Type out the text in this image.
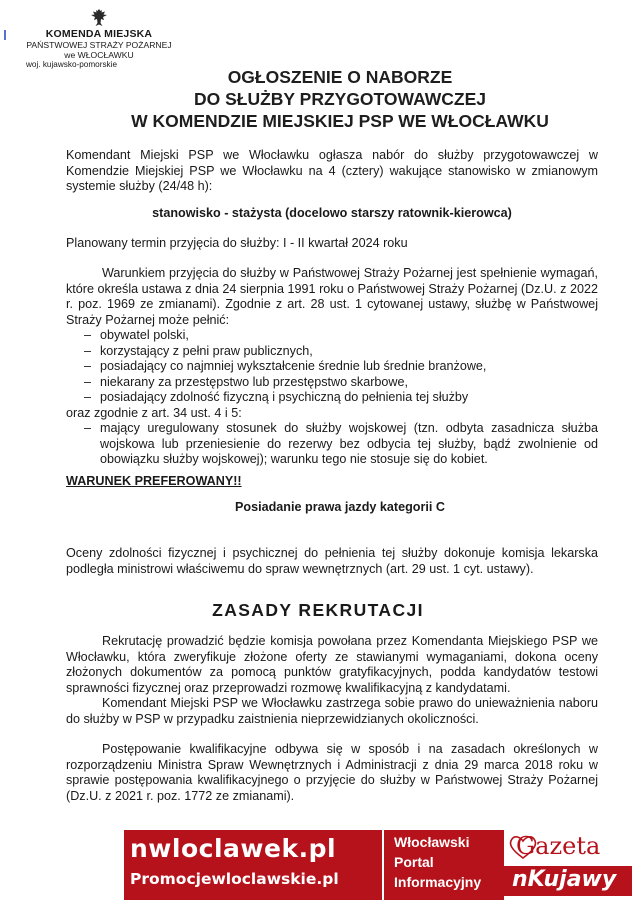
KOMENDA MIEJSKA
PAŃSTWOWEJ STRAŻY POŻARNEJ
we WŁOCŁAWKU
woj. kujawsko-pomorskie
OGŁOSZENIE O NABORZE
DO SŁUŻBY PRZYGOTOWAWCZEJ
W KOMENDZIE MIEJSKIEJ PSP WE WŁOCŁAWKU
Komendant Miejski PSP we Włocławku ogłasza nabór do służby przygotowawczej w Komendzie Miejskiej PSP we Włocławku na 4 (cztery) wakujące stanowisko w zmianowym systemie służby (24/48 h):
stanowisko - stażysta (docelowo starszy ratownik-kierowca)
Planowany termin przyjęcia do służby: I - II kwartał 2024 roku
Warunkiem przyjęcia do służby w Państwowej Straży Pożarnej jest spełnienie wymagań, które określa ustawa z dnia 24 sierpnia 1991 roku o Państwowej Straży Pożarnej (Dz.U. z 2022 r. poz. 1969 ze zmianami). Zgodnie z art. 28 ust. 1 cytowanej ustawy, służbę w Państwowej Straży Pożarnej może pełnić:
– obywatel polski,
– korzystający z pełni praw publicznych,
– posiadający co najmniej wykształcenie średnie lub średnie branżowe,
– niekarany za przestępstwo lub przestępstwo skarbowe,
– posiadający zdolność fizyczną i psychiczną do pełnienia tej służby
oraz zgodnie z art. 34 ust. 4 i 5:
– mający uregulowany stosunek do służby wojskowej (tzn. odbyta zasadnicza służba wojskowa lub przeniesienie do rezerwy bez odbycia tej służby, bądź zwolnienie od obowiązku służby wojskowej); warunku tego nie stosuje się do kobiet.
WARUNEK PREFEROWANY!!
Posiadanie prawa jazdy kategorii C
Oceny zdolności fizycznej i psychicznej do pełnienia tej służby dokonuje komisja lekarska podległa ministrowi właściwemu do spraw wewnętrznych (art. 29 ust. 1 cyt. ustawy).
ZASADY REKRUTACJI
Rekrutację prowadzić będzie komisja powołana przez Komendanta Miejskiego PSP we Włocławku, która zweryfikuje złożone oferty ze stawianymi wymaganiami, dokona oceny złożonych dokumentów za pomocą punktów gratyfikacyjnych, podda kandydatów testowi sprawności fizycznej oraz przeprowadzi rozmowę kwalifikacyjną z kandydatami.
Komendant Miejski PSP we Włocławku zastrzega sobie prawo do unieważnienia naboru do służby w PSP w przypadku zaistnienia nieprzewidzianych okoliczności.
Postępowanie kwalifikacyjne odbywa się w sposób i na zasadach określonych w rozporządzeniu Ministra Spraw Wewnętrznych i Administracji z dnia 29 marca 2018 roku w sprawie postępowania kwalifikacyjnego o przyjęcie do służby w Państwowej Straży Pożarnej (Dz.U. z 2021 r. poz. 1772 ze zmianami).
nwloclawek.pl
Promocjewloclawskie.pl
Włocławski
Portal
Informacyjny
Gazeta
nKujawy
